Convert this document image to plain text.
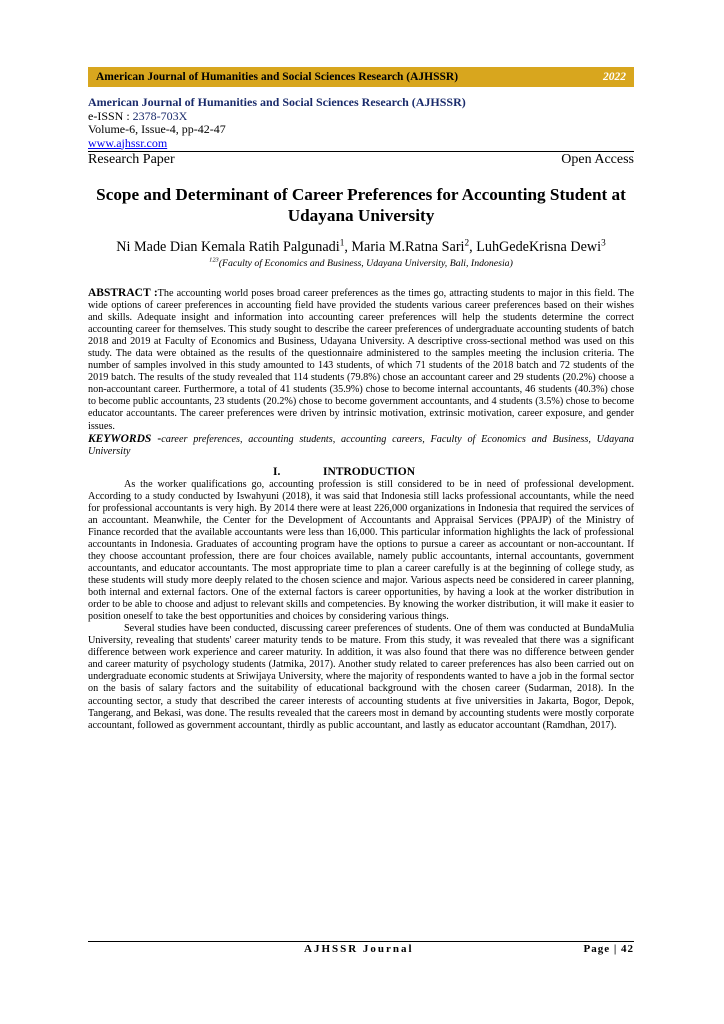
American Journal of Humanities and Social Sciences Research (AJHSSR)	2022
American Journal of Humanities and Social Sciences Research (AJHSSR)
e-ISSN : 2378-703X
Volume-6, Issue-4, pp-42-47
www.ajhssr.com
Research Paper	Open Access
Scope and Determinant of Career Preferences for Accounting Student at Udayana University
Ni Made Dian Kemala Ratih Palgunadi$^1$, Maria M.Ratna Sari$^2$, LuhGedeKrisna Dewi$^3$
$^{123}$(Faculty of Economics and Business, Udayana University, Bali, Indonesia)
ABSTRACT :The accounting world poses broad career preferences as the times go, attracting students to major in this field. The wide options of career preferences in accounting field have provided the students various career preferences based on their wishes and skills. Adequate insight and information into accounting career preferences will help the students determine the correct accounting career for themselves. This study sought to describe the career preferences of undergraduate accounting students of batch 2018 and 2019 at Faculty of Economics and Business, Udayana University. A descriptive cross-sectional method was used on this study. The data were obtained as the results of the questionnaire administered to the samples meeting the inclusion criteria. The number of samples involved in this study amounted to 143 students, of which 71 students of the 2018 batch and 72 students of the 2019 batch. The results of the study revealed that 114 students (79.8%) chose an accountant career and 29 students (20.2%) choose a non-accountant career. Furthermore, a total of 41 students (35.9%) chose to become internal accountants, 46 students (40.3%) chose to become public accountants, 23 students (20.2%) chose to become government accountants, and 4 students (3.5%) chose to become educator accountants. The career preferences were driven by intrinsic motivation, extrinsic motivation, career exposure, and gender issues.
KEYWORDS -career preferences, accounting students, accounting careers, Faculty of Economics and Business, Udayana University
I.	INTRODUCTION

As the worker qualifications go, accounting profession is still considered to be in need of professional development. According to a study conducted by Iswahyuni (2018), it was said that Indonesia still lacks professional accountants, while the need for professional accountants is very high. By 2014 there were at least 226,000 organizations in Indonesia that required the services of an accountant. Meanwhile, the Center for the Development of Accountants and Appraisal Services (PPAJP) of the Ministry of Finance recorded that the available accountants were less than 16,000. This particular information highlights the lack of professional accountants in Indonesia. Graduates of accounting program have the options to pursue a career as accountant or non-accountant. If they choose accountant profession, there are four choices available, namely public accountants, internal accountants, government accountants, and educator accountants. The most appropriate time to plan a career carefully is at the beginning of college study, as these students will study more deeply related to the chosen science and major. Various aspects need be considered in career planning, both internal and external factors. One of the external factors is career opportunities, by having a look at the worker distribution in order to be able to choose and adjust to relevant skills and competencies. By knowing the worker distribution, it will make it easier to position oneself to take the best opportunities and choices by considering various things.

Several studies have been conducted, discussing career preferences of students. One of them was conducted at BundaMulia University, revealing that students' career maturity tends to be mature. From this study, it was revealed that there was a significant difference between work experience and career maturity. In addition, it was also found that there was no difference between gender and career maturity of psychology students (Jatmika, 2017). Another study related to career preferences has also been carried out on undergraduate economic students at Sriwijaya University, where the majority of respondents wanted to have a job in the formal sector on the basis of salary factors and the suitability of educational background with the chosen career (Sudarman, 2018). In the accounting sector, a study that described the career interests of accounting students at five universities in Jakarta, Bogor, Depok, Tangerang, and Bekasi, was done. The results revealed that the careers most in demand by accounting students were mostly corporate accountant, followed as government accountant, thirdly as public accountant, and lastly as educator accountant (Ramdhan, 2017).

AJHSSR Journal	Page | 42
